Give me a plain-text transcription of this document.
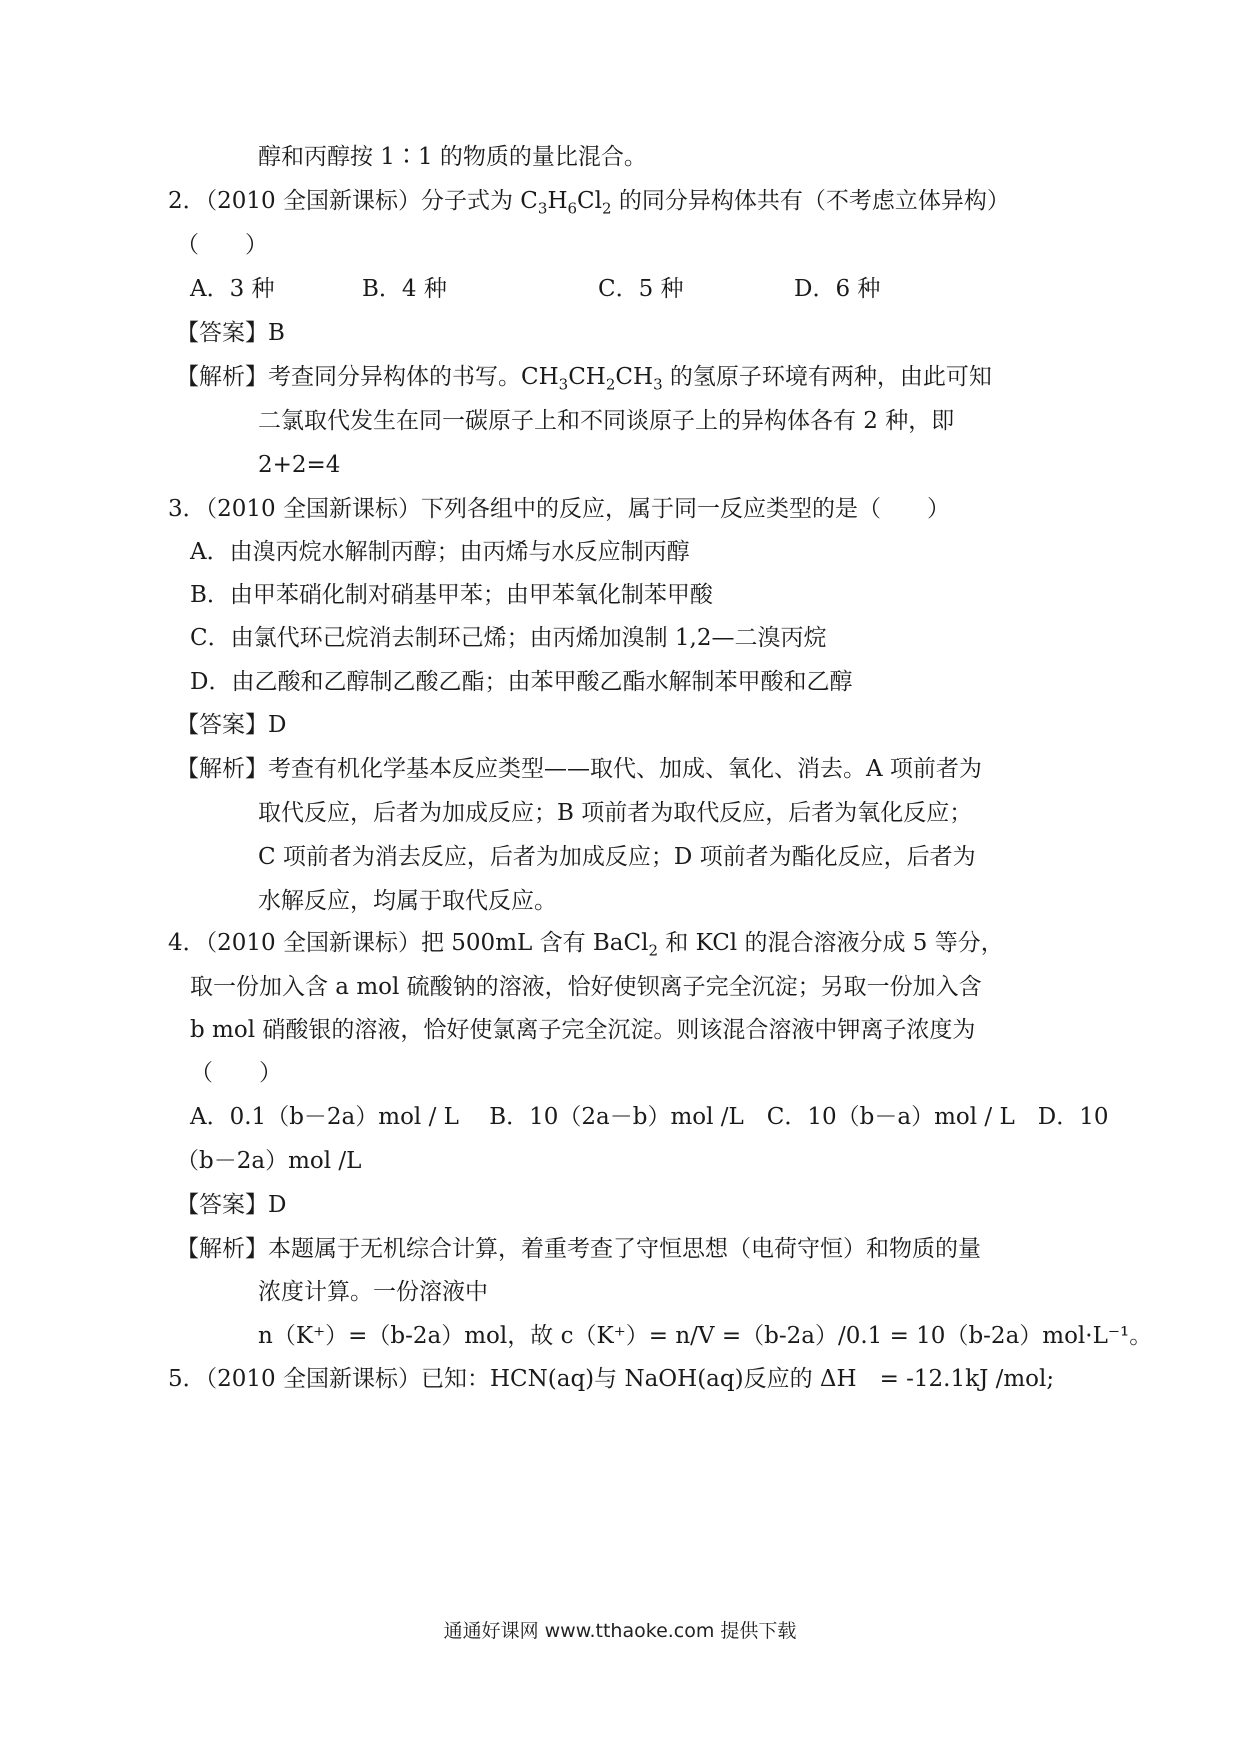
醇和丙醇按 1∶1 的物质的量比混合。
2．（2010 全国新课标）分子式为 $C_3H_6Cl_2$ 的同分异构体共有（不考虑立体异构）
（　　）
A．3 种	B．4 种	C．5 种	D．6 种
【答案】B
【解析】考查同分异构体的书写。$CH_3CH_2CH_3$ 的氢原子环境有两种，由此可知
二氯取代发生在同一碳原子上和不同谈原子上的异构体各有 2 种，即
2+2=4
3．（2010 全国新课标）下列各组中的反应，属于同一反应类型的是（　　）
A．由溴丙烷水解制丙醇；由丙烯与水反应制丙醇
B．由甲苯硝化制对硝基甲苯；由甲苯氧化制苯甲酸
C．由氯代环己烷消去制环己烯；由丙烯加溴制 1,2—二溴丙烷
D．由乙酸和乙醇制乙酸乙酯；由苯甲酸乙酯水解制苯甲酸和乙醇
【答案】D
【解析】考查有机化学基本反应类型——取代、加成、氧化、消去。A 项前者为
取代反应，后者为加成反应；B 项前者为取代反应，后者为氧化反应；
C 项前者为消去反应，后者为加成反应；D 项前者为酯化反应，后者为
水解反应，均属于取代反应。
4．（2010 全国新课标）把 500mL 含有 BaCl$_2$ 和 KCl 的混合溶液分成 5 等分，
取一份加入含 a mol 硫酸钠的溶液，恰好使钡离子完全沉淀；另取一份加入含
b mol 硝酸银的溶液，恰好使氯离子完全沉淀。则该混合溶液中钾离子浓度为
（　　）
A．0.1（b－2a）mol / L　 B．10（2a－b）mol /L　C．10（b－a）mol / L　D．10
（b－2a）mol /L
【答案】D
【解析】本题属于无机综合计算，着重考查了守恒思想（电荷守恒）和物质的量
浓度计算。一份溶液中
n（K⁺）=（b-2a）mol，故 c（K⁺）= n/V =（b-2a）/0.1 = 10（b-2a）mol·L⁻¹。
5．（2010 全国新课标）已知：HCN(aq)与 NaOH(aq)反应的 ΔH　= -12.1kJ /mol;
通通好课网 www.tthaoke.com 提供下载
